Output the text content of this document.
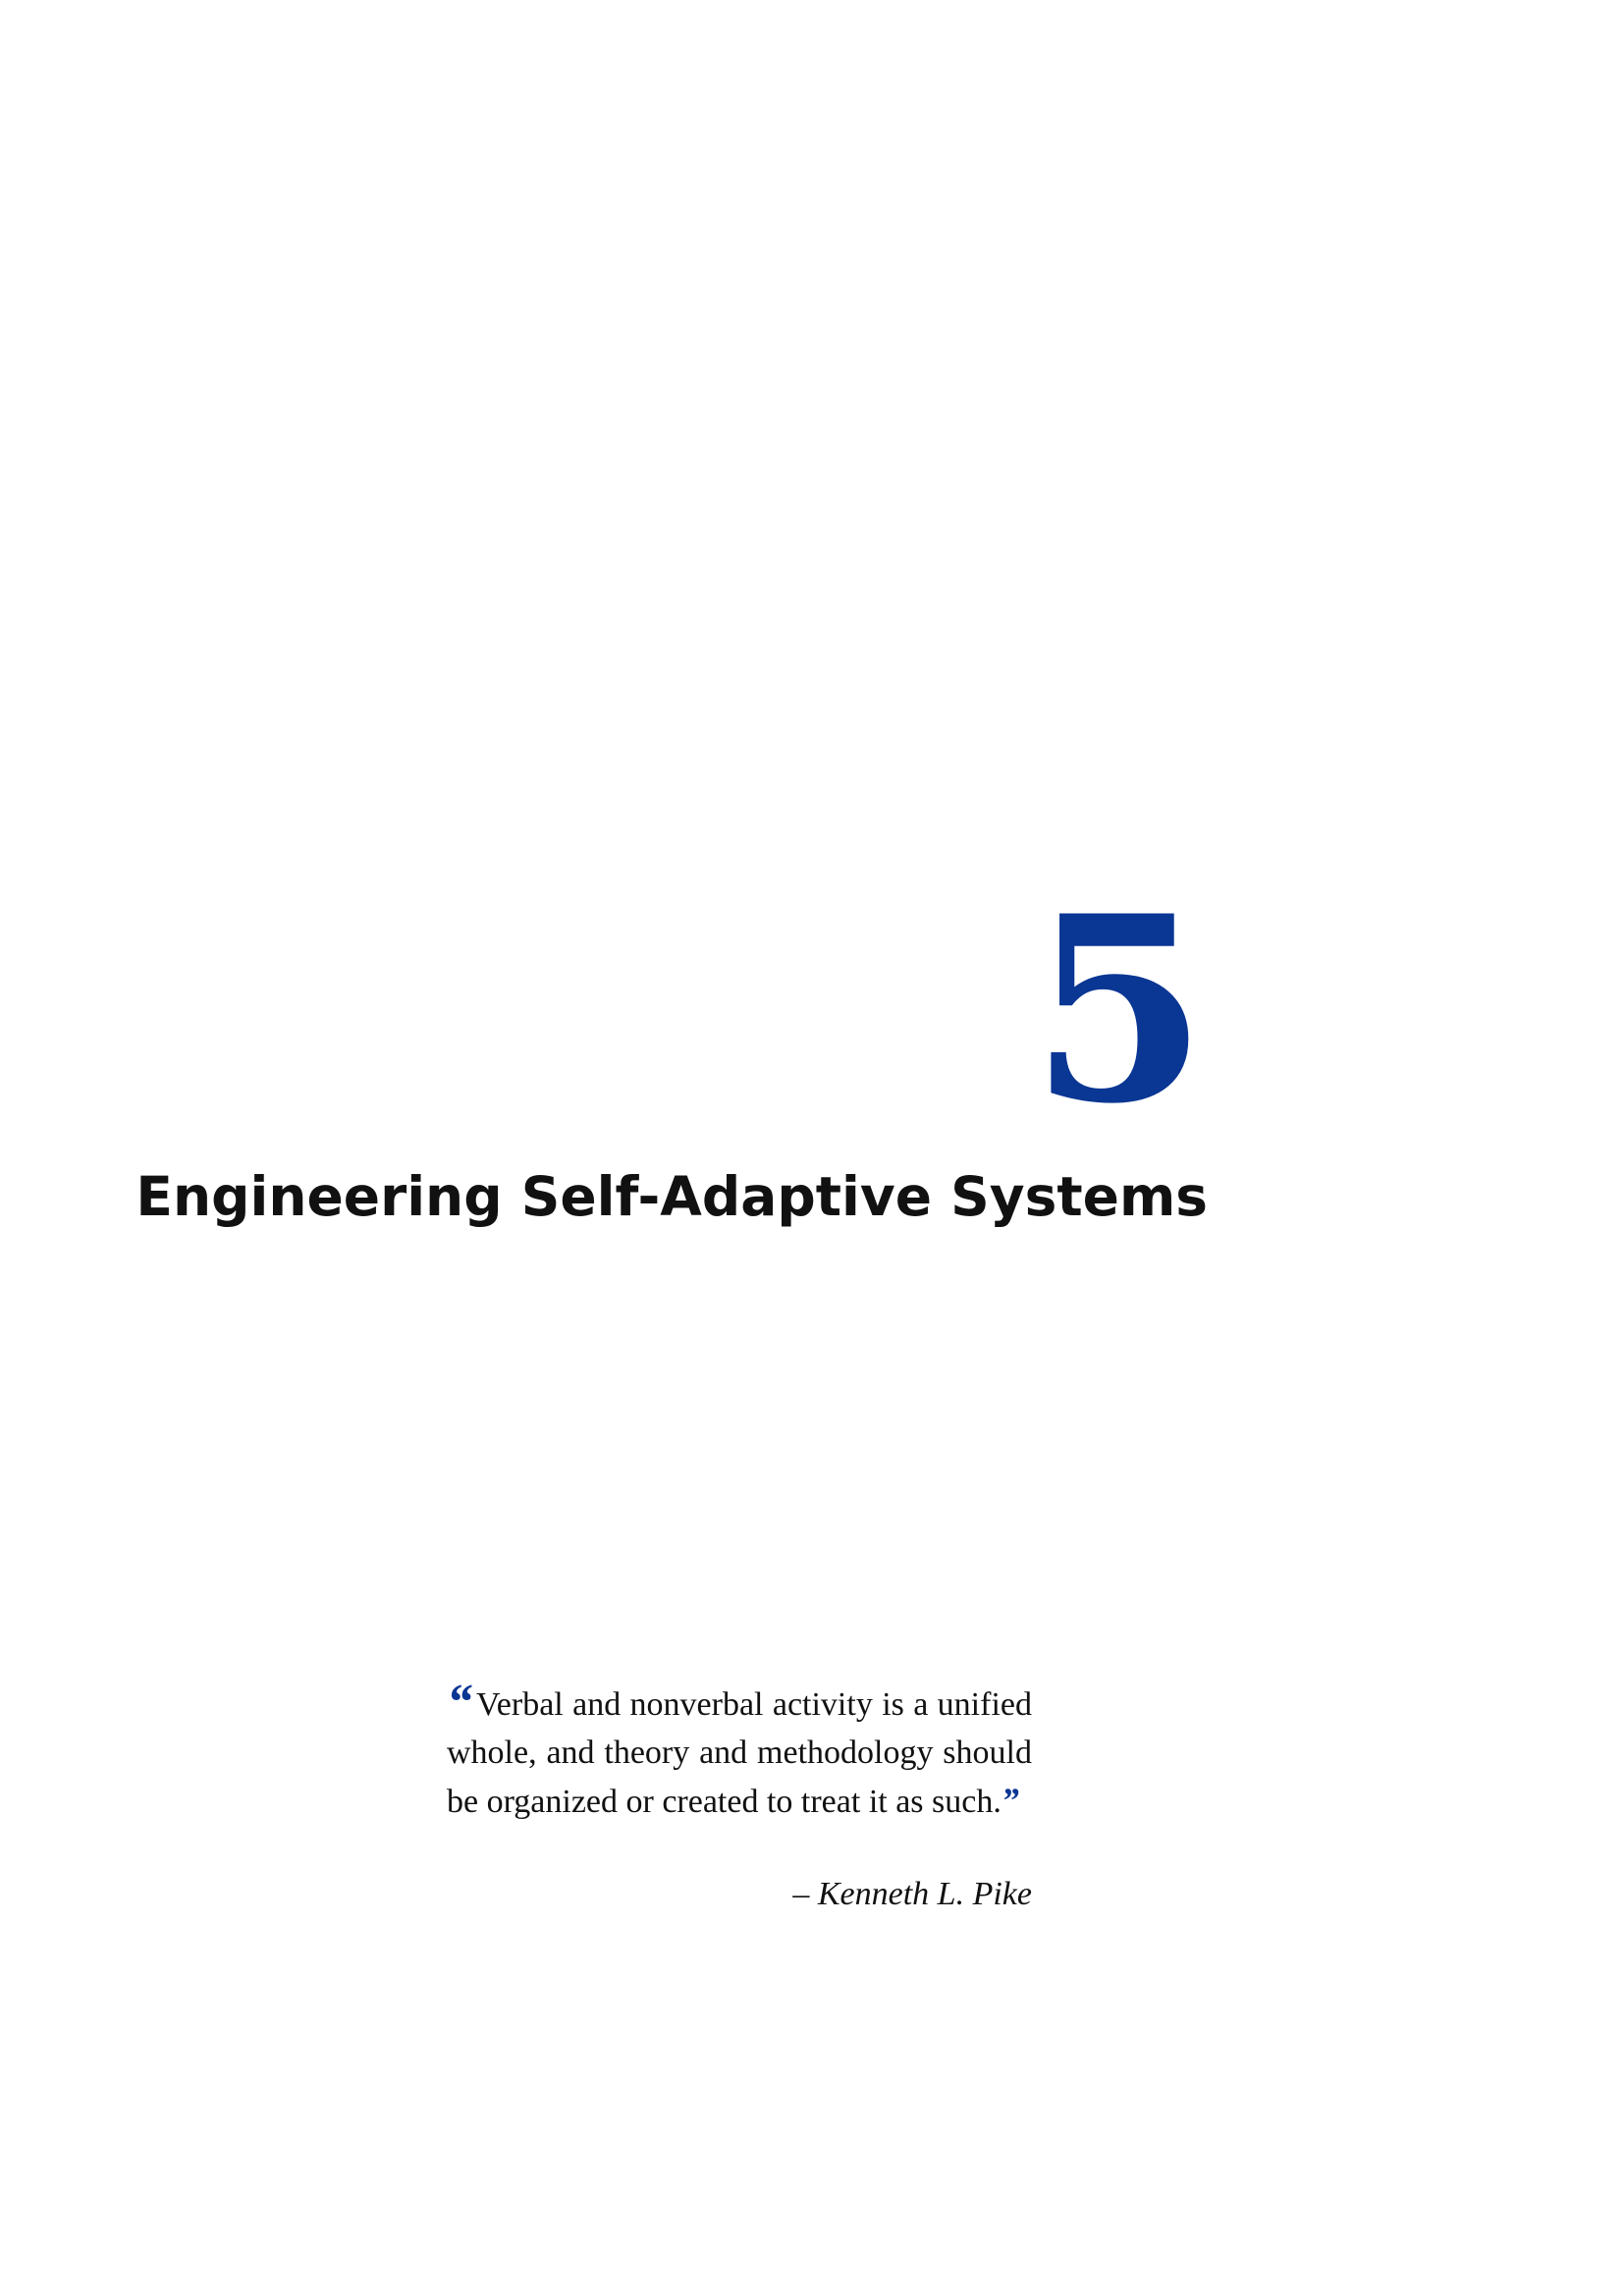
5
Engineering Self-Adaptive Systems

“ Verbal and nonverbal activity is a unified whole, and theory and methodology should be organized or created to treat it as such.”

– Kenneth L. Pike
